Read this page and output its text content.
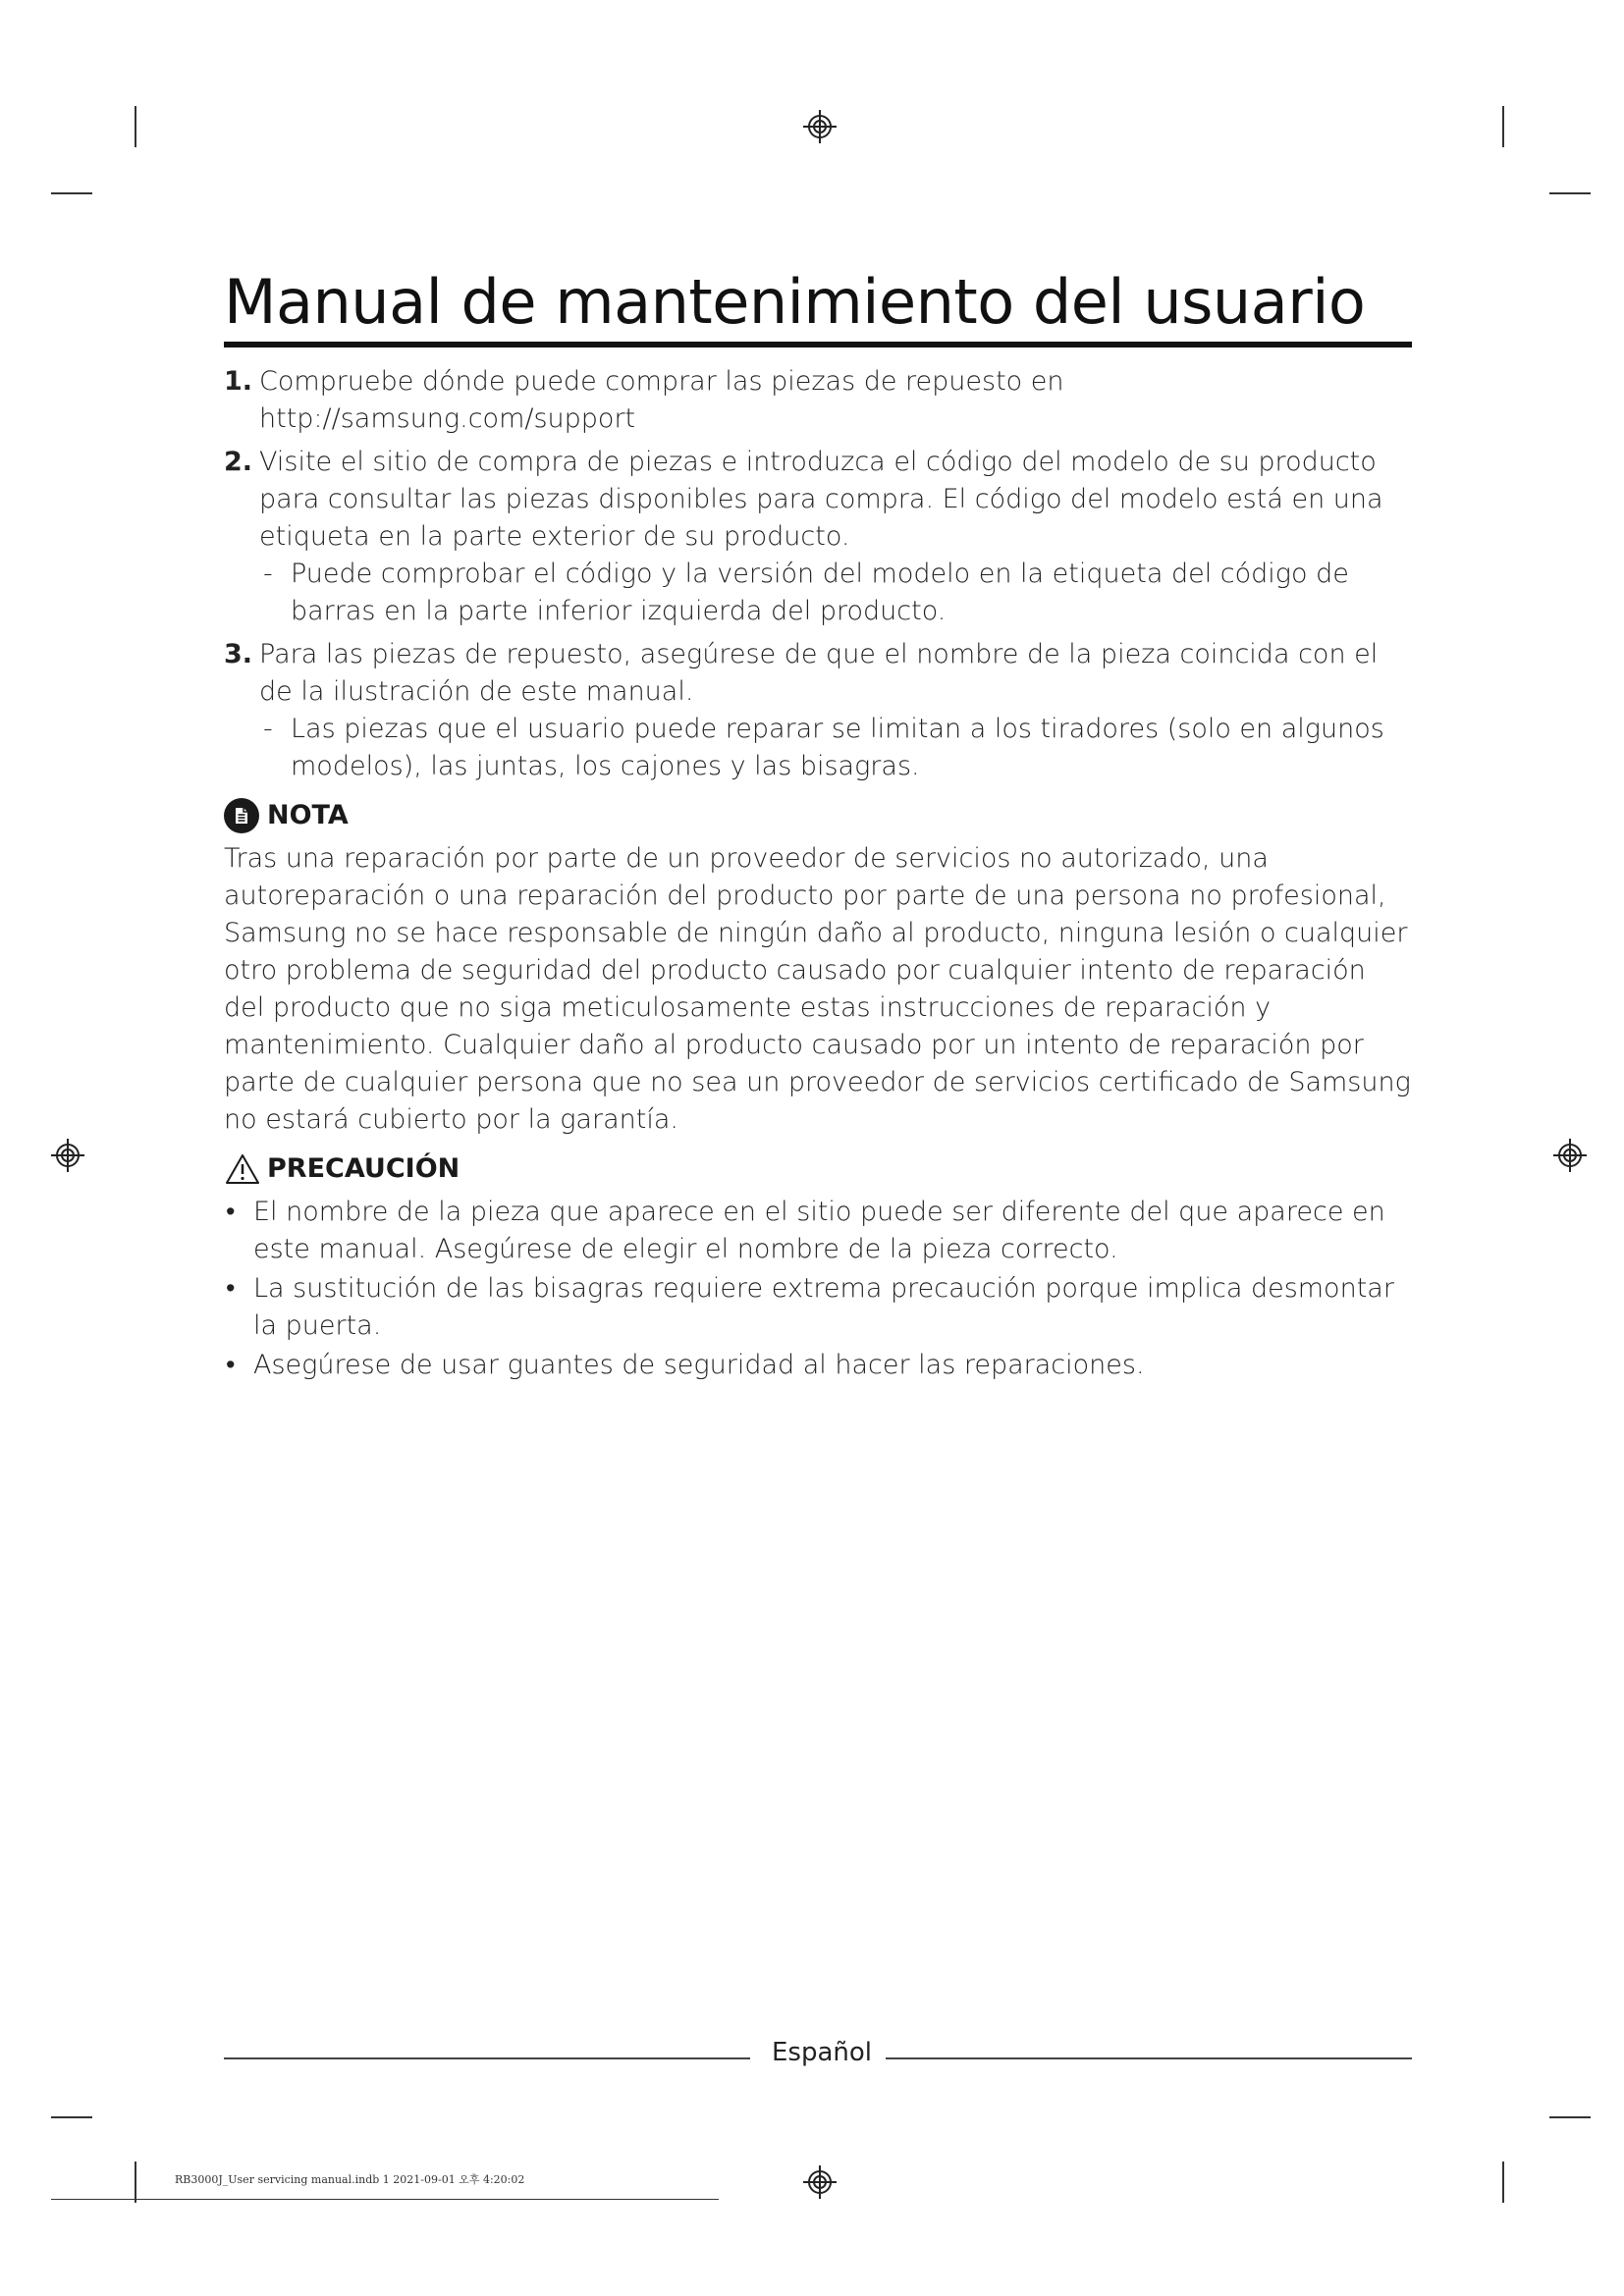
Manual de mantenimiento del usuario
1. Compruebe dónde puede comprar las piezas de repuesto en http://samsung.com/support
2. Visite el sitio de compra de piezas e introduzca el código del modelo de su producto para consultar las piezas disponibles para compra. El código del modelo está en una etiqueta en la parte exterior de su producto.
- Puede comprobar el código y la versión del modelo en la etiqueta del código de barras en la parte inferior izquierda del producto.
3. Para las piezas de repuesto, asegúrese de que el nombre de la pieza coincida con el de la ilustración de este manual.
- Las piezas que el usuario puede reparar se limitan a los tiradores (solo en algunos modelos), las juntas, los cajones y las bisagras.
NOTA
Tras una reparación por parte de un proveedor de servicios no autorizado, una autoreparación o una reparación del producto por parte de una persona no profesional, Samsung no se hace responsable de ningún daño al producto, ninguna lesión o cualquier otro problema de seguridad del producto causado por cualquier intento de reparación del producto que no siga meticulosamente estas instrucciones de reparación y mantenimiento. Cualquier daño al producto causado por un intento de reparación por parte de cualquier persona que no sea un proveedor de servicios certificado de Samsung no estará cubierto por la garantía.
PRECAUCIÓN
• El nombre de la pieza que aparece en el sitio puede ser diferente del que aparece en este manual. Asegúrese de elegir el nombre de la pieza correcto.
• La sustitución de las bisagras requiere extrema precaución porque implica desmontar la puerta.
• Asegúrese de usar guantes de seguridad al hacer las reparaciones.
Español
RB3000J_User servicing manual.indb 1 2021-09-01 오후 4:20:02
